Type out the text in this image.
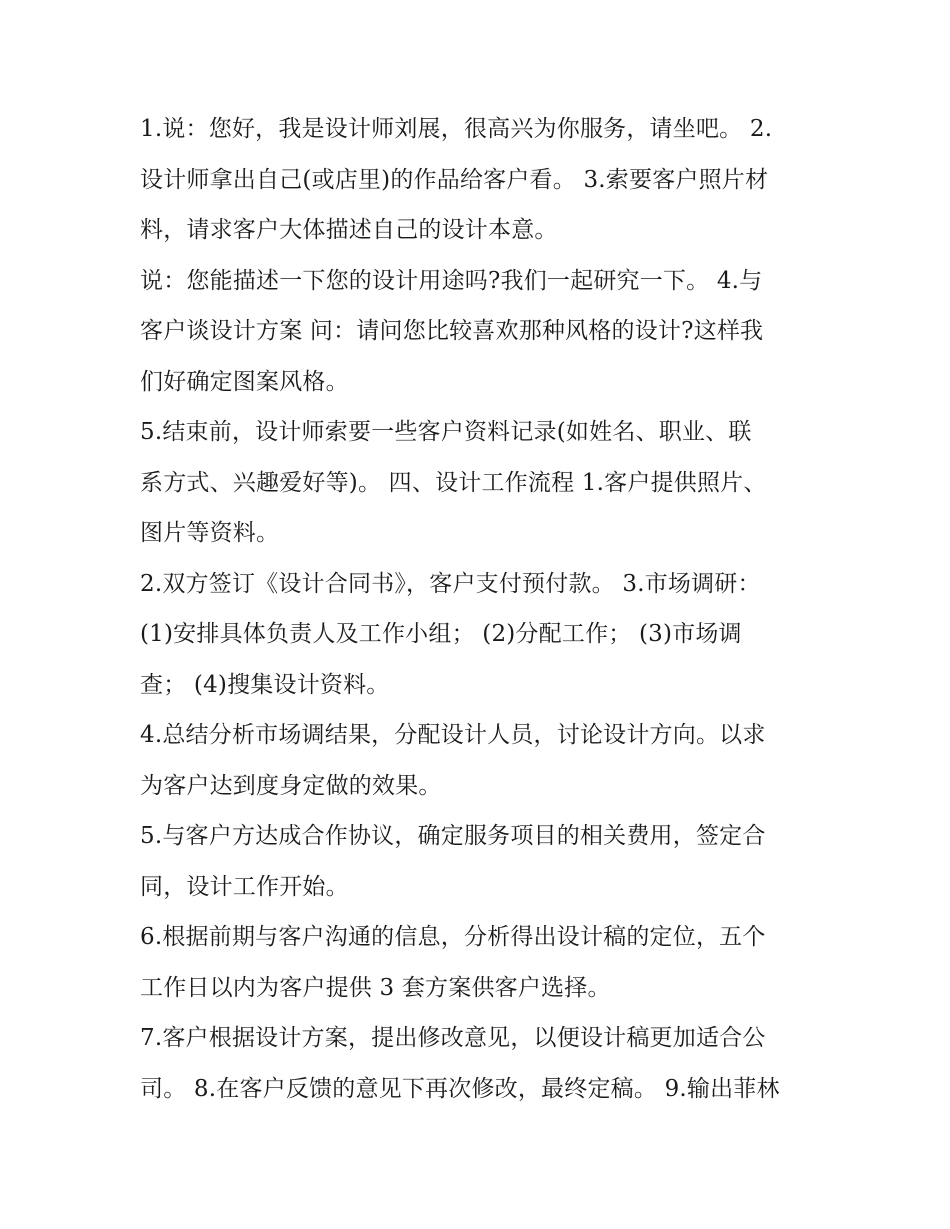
1.说：您好，我是设计师刘展，很高兴为你服务，请坐吧。 2.
设计师拿出自己(或店里)的作品给客户看。 3.索要客户照片材
料，请求客户大体描述自己的设计本意。

说：您能描述一下您的设计用途吗?我们一起研究一下。 4.与
客户谈设计方案 问：请问您比较喜欢那种风格的设计?这样我
们好确定图案风格。

5.结束前，设计师索要一些客户资料记录(如姓名、职业、联
系方式、兴趣爱好等)。 四、设计工作流程 1.客户提供照片、
图片等资料。

2.双方签订《设计合同书》，客户支付预付款。 3.市场调研：
(1)安排具体负责人及工作小组； (2)分配工作； (3)市场调
查； (4)搜集设计资料。

4.总结分析市场调结果，分配设计人员，讨论设计方向。以求
为客户达到度身定做的效果。

5.与客户方达成合作协议，确定服务项目的相关费用，签定合
同，设计工作开始。

6.根据前期与客户沟通的信息，分析得出设计稿的定位，五个
工作日以内为客户提供 3 套方案供客户选择。

7.客户根据设计方案，提出修改意见，以便设计稿更加适合公
司。 8.在客户反馈的意见下再次修改，最终定稿。 9.输出菲林
